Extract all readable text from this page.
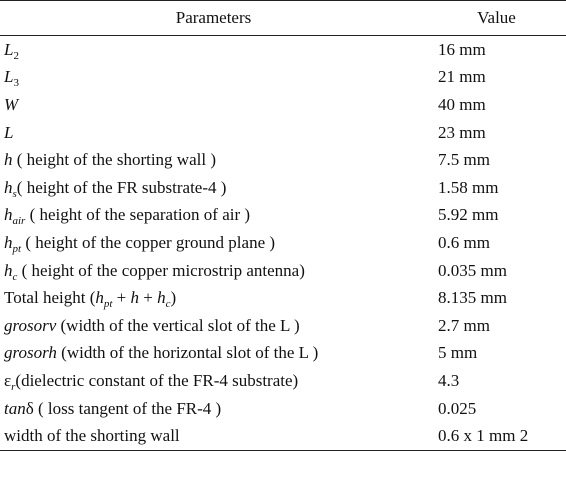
Parameters	Value
$L_2$	16 mm
$L_3$	21 mm
W	40 mm
L	23 mm
h ( height of the shorting wall )	7.5 mm
$h_s$( height of the FR substrate-4 )	1.58 mm
$h_{air}$ ( height of the separation of air )	5.92 mm
$h_{pt}$ ( height of the copper ground plane )	0.6 mm
$h_c$ ( height of the copper microstrip antenna)	0.035 mm
Total height $(h_{pt} + h + h_c)$	8.135 mm
grosorv (width of the vertical slot of the L )	2.7 mm
grosorh (width of the horizontal slot of the L )	5 mm
$\varepsilon_r(dielectric$ constant of the FR-4 substrate)	4.3
tanδ ( loss tangent of the FR-4 )	0.025
width of the shorting wall	0.6 x 1 mm 2
